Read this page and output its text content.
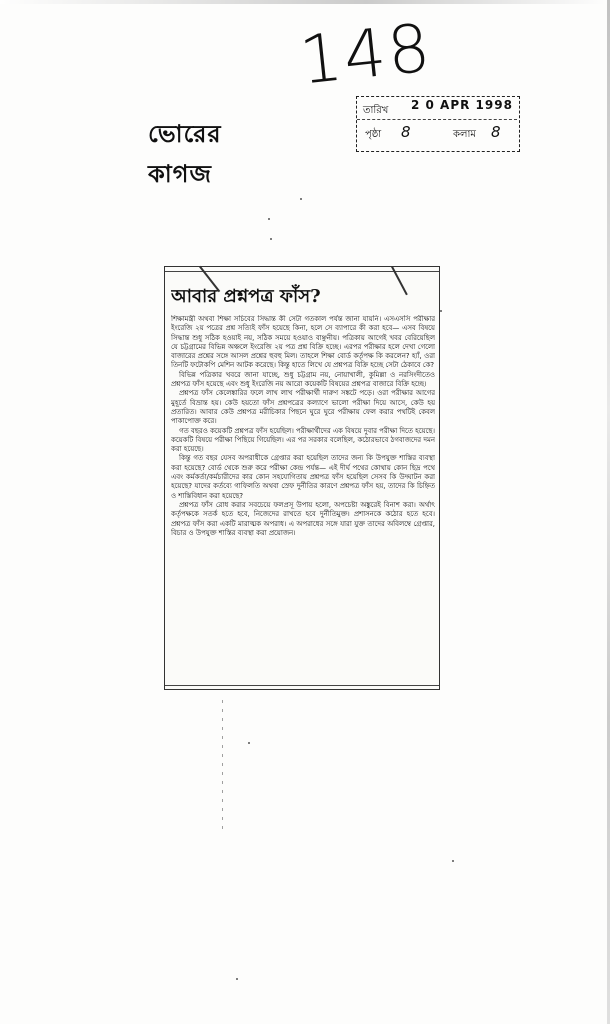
148
ভোরের কাগজ
তারিখ 2 0 APR 1998
পৃষ্ঠা 8	কলাম 8
আবার প্রশ্নপত্র ফাঁস?

শিক্ষামন্ত্রী অথবা শিক্ষা সচিবের সিদ্ধান্ত কী সেটা গতকাল পর্যন্ত জানা যায়নি। এসএসসি পরীক্ষার ইংরেজি ২য় পত্রের প্রশ্ন সত্যিই ফাঁস হয়েছে কিনা, হলে সে ব্যাপারে কী করা হবে— এসব বিষয়ে সিদ্ধান্ত শুধু সঠিক হওয়াই নয়, সঠিক সময়ে হওয়াও বাঞ্ছনীয়। পত্রিকায় আগেই খবর বেরিয়েছিল যে চট্টগ্রামের বিভিন্ন অঞ্চলে ইংরেজি ২য় পত্র প্রশ্ন বিক্রি হচ্ছে। এরপর পরীক্ষার হলে দেখা গেলো বাজারের প্রশ্নের সঙ্গে আসল প্রশ্নের হুবহু মিল। তাহলে শিক্ষা বোর্ড কর্তৃপক্ষ কি করলেন? হ্যাঁ, ওরা তিনটি ফটোকপি মেশিন আটক করেছে। কিন্তু হাতে লিখে যে প্রশ্নপত্র বিক্রি হচ্ছে সেটা ঠেকাবে কে?

বিভিন্ন পত্রিকার খবরে জানা যাচ্ছে, শুধু চট্টগ্রাম নয়, নোয়াখালী, কুমিল্লা ও নরসিংদীতেও প্রশ্নপত্র ফাঁস হয়েছে এবং শুধু ইংরেজি নয় আরো কয়েকটি বিষয়ের প্রশ্নপত্র বাজারে বিক্রি হচ্ছে।

প্রশ্নপত্র ফাঁস কেলেঙ্কারির ফলে লাখ লাখ পরীক্ষার্থী দারুণ সঙ্কটে পড়ে। ওরা পরীক্ষার আগের মুহূর্তে বিভ্রান্ত হয়। কেউ হয়তো ফাঁস প্রশ্নপত্রের কল্যাণে ভালো পরীক্ষা দিয়ে আসে, কেউ হয় প্রতারিত। আবার কেউ প্রশ্নপত্র মরীচিকার পিছনে ঘুরে ঘুরে পরীক্ষায় ফেল করার পথটিই কেবল পাকাপোক্ত করে।

গত বছরও কয়েকটি প্রশ্নপত্র ফাঁস হয়েছিল। পরীক্ষার্থীদের এক বিষয়ে দুবার পরীক্ষা দিতে হয়েছে। কয়েকটি বিষয়ে পরীক্ষা পিছিয়ে গিয়েছিল। এর পর সরকার বলেছিল, কঠোরভাবে ঠগবাজদের দমন করা হয়েছে।

কিন্তু গত বছর যেসব অপরাধীকে গ্রেপ্তার করা হয়েছিল তাদের জন্য কি উপযুক্ত শাস্তির ব্যবস্থা করা হয়েছে? বোর্ড থেকে শুরু করে পরীক্ষা কেন্দ্র পর্যন্ত— এই দীর্ঘ পথের কোথায় কোন ছিদ্র পথে এবং কর্মকর্তা/কর্মচারীদের কার কোন সহযোগিতায় প্রশ্নপত্র ফাঁস হয়েছিল সেসব কি উদ্ঘাটন করা হয়েছে? যাদের কর্তব্যে গাফিলতি অথবা স্রেফ দুর্নীতির কারণে প্রশ্নপত্র ফাঁস হয়, তাদের কি চিহ্নিত ও শাস্তিবিধান করা হয়েছে?

প্রশ্নপত্র ফাঁস রোধ করার সবচেয়ে ফলপ্রসূ উপায় হলো, অপচেষ্টা অঙ্কুরেই বিনাশ করা। অর্থাৎ কর্তৃপক্ষকে সতর্ক হতে হবে, নিজেদের রাখতে হবে দুর্নীতিমুক্ত। প্রশাসনকে কঠোর হতে হবে। প্রশ্নপত্র ফাঁস করা একটি মারাত্মক অপরাধ। এ অপরাধের সঙ্গে যারা যুক্ত তাদের অবিলম্বে গ্রেপ্তার, বিচার ও উপযুক্ত শাস্তির ব্যবস্থা করা প্রয়োজন।
